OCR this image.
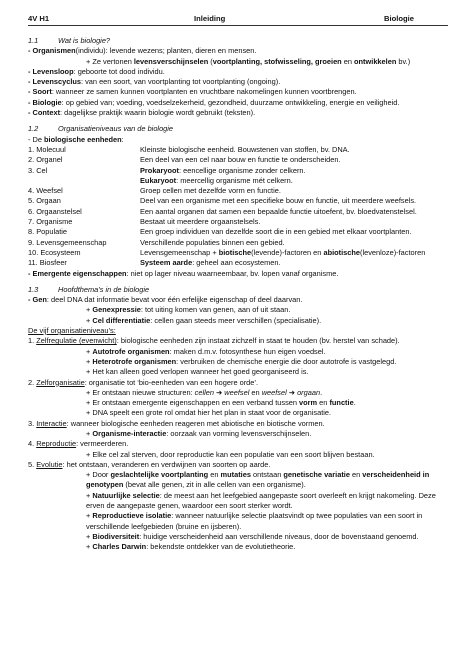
4V H1	Inleiding	Biologie
1.1	Wat is biologie?
- Organismen(individu): levende wezens; planten, dieren en mensen.
+ Ze vertonen levensverschijnselen (voortplanting, stofwisseling, groeien en ontwikkelen bv.)
- Levensloop: geboorte tot dood individu.
- Levenscyclus: van een soort, van voortplanting tot voortplanting (ongoing).
- Soort: wanneer ze samen kunnen voortplanten en vruchtbare nakomelingen kunnen voortbrengen.
- Biologie: op gebied van; voeding, voedselzekerheid, gezondheid, duurzame ontwikkeling, energie en veiligheid.
- Context: dagelijkse praktijk waarin biologie wordt gebruikt (teksten).
1.2	Organisatieniveaus van de biologie
- De biologische eenheden:
1. Molecuul	Kleinste biologische eenheid. Bouwstenen van stoffen, bv. DNA.
2. Organel	Een deel van een cel naar bouw en functie te onderscheiden.
3. Cel	Prokaryoot: eencellige organisme zonder celkern.
Eukaryoot: meercellig organisme mét celkern.
4. Weefsel	Groep cellen met dezelfde vorm en functie.
5. Orgaan	Deel van een organisme met een specifieke bouw en functie, uit meerdere weefsels.
6. Orgaanstelsel	Een aantal organen dat samen een bepaalde functie uitoefent, bv. bloedvatenstelsel.
7. Organisme	Bestaat uit meerdere orgaanstelsels.
8. Populatie	Een groep individuen van dezelfde soort die in een gebied met elkaar voortplanten.
9. Levensgemeenschap	Verschillende populaties binnen een gebied.
10. Ecosysteem	Levensgemeenschap + biotische(levende)-factoren en abiotische(levenloze)-factoren
11. Biosfeer	Systeem aarde: geheel aan ecosystemen.
- Emergente eigenschappen: niet op lager niveau waarneembaar, bv. lopen vanaf organisme.
1.3	Hoofdthema’s in de biologie
- Gen: deel DNA dat informatie bevat voor één erfelijke eigenschap of deel daarvan.
+ Genexpressie: tot uiting komen van genen, aan of uit staan.
+ Cel differentiatie: cellen gaan steeds meer verschillen (specialisatie).
De vijf organisatieniveau’s:
1. Zelfregulatie (evenwicht): biologische eenheden zijn instaat zichzelf in staat te houden (bv. herstel van schade).
+ Autotrofe organismen: maken d.m.v. fotosynthese hun eigen voedsel.
+ Heterotrofe organismen: verbruiken de chemische energie die door autotrofe is vastgelegd.
+ Het kan alleen goed verlopen wanneer het goed georganiseerd is.
2. Zelforganisatie: organisatie tot ‘bio-eenheden van een hogere orde’.
+ Er ontstaan nieuwe structuren: cellen ➜ weefsel en weefsel ➜ orgaan.
+ Er ontstaan emergente eigenschappen en een verband tussen vorm en functie.
+ DNA speelt een grote rol omdat hier het plan in staat voor de organisatie.
3. Interactie: wanneer biologische eenheden reageren met abiotische en biotische vormen.
+ Organisme-interactie: oorzaak van vorming levensverschijnselen.
4. Reproductie: vermeerderen.
+ Elke cel zal sterven, door reproductie kan een populatie van een soort blijven bestaan.
5. Evolutie: het ontstaan, veranderen en verdwijnen van soorten op aarde.
+ Door geslachtelijke voortplanting en mutaties ontstaan genetische variatie en verscheidenheid in genotypen (bevat alle genen, zit in alle cellen van een organisme).
+ Natuurlijke selectie: de meest aan het leefgebied aangepaste soort overleeft en krijgt nakomeling. Deze erven de aangepaste genen, waardoor een soort sterker wordt.
+ Reproductieve isolatie: wanneer natuurlijke selectie plaatsvindt op twee populaties van een soort in verschillende leefgebieden (bruine en ijsberen).
+ Biodiversiteit: huidige verscheidenheid aan verschillende niveaus, door de bovenstaand genoemd.
+ Charles Darwin: bekendste ontdekker van de evolutietheorie.
